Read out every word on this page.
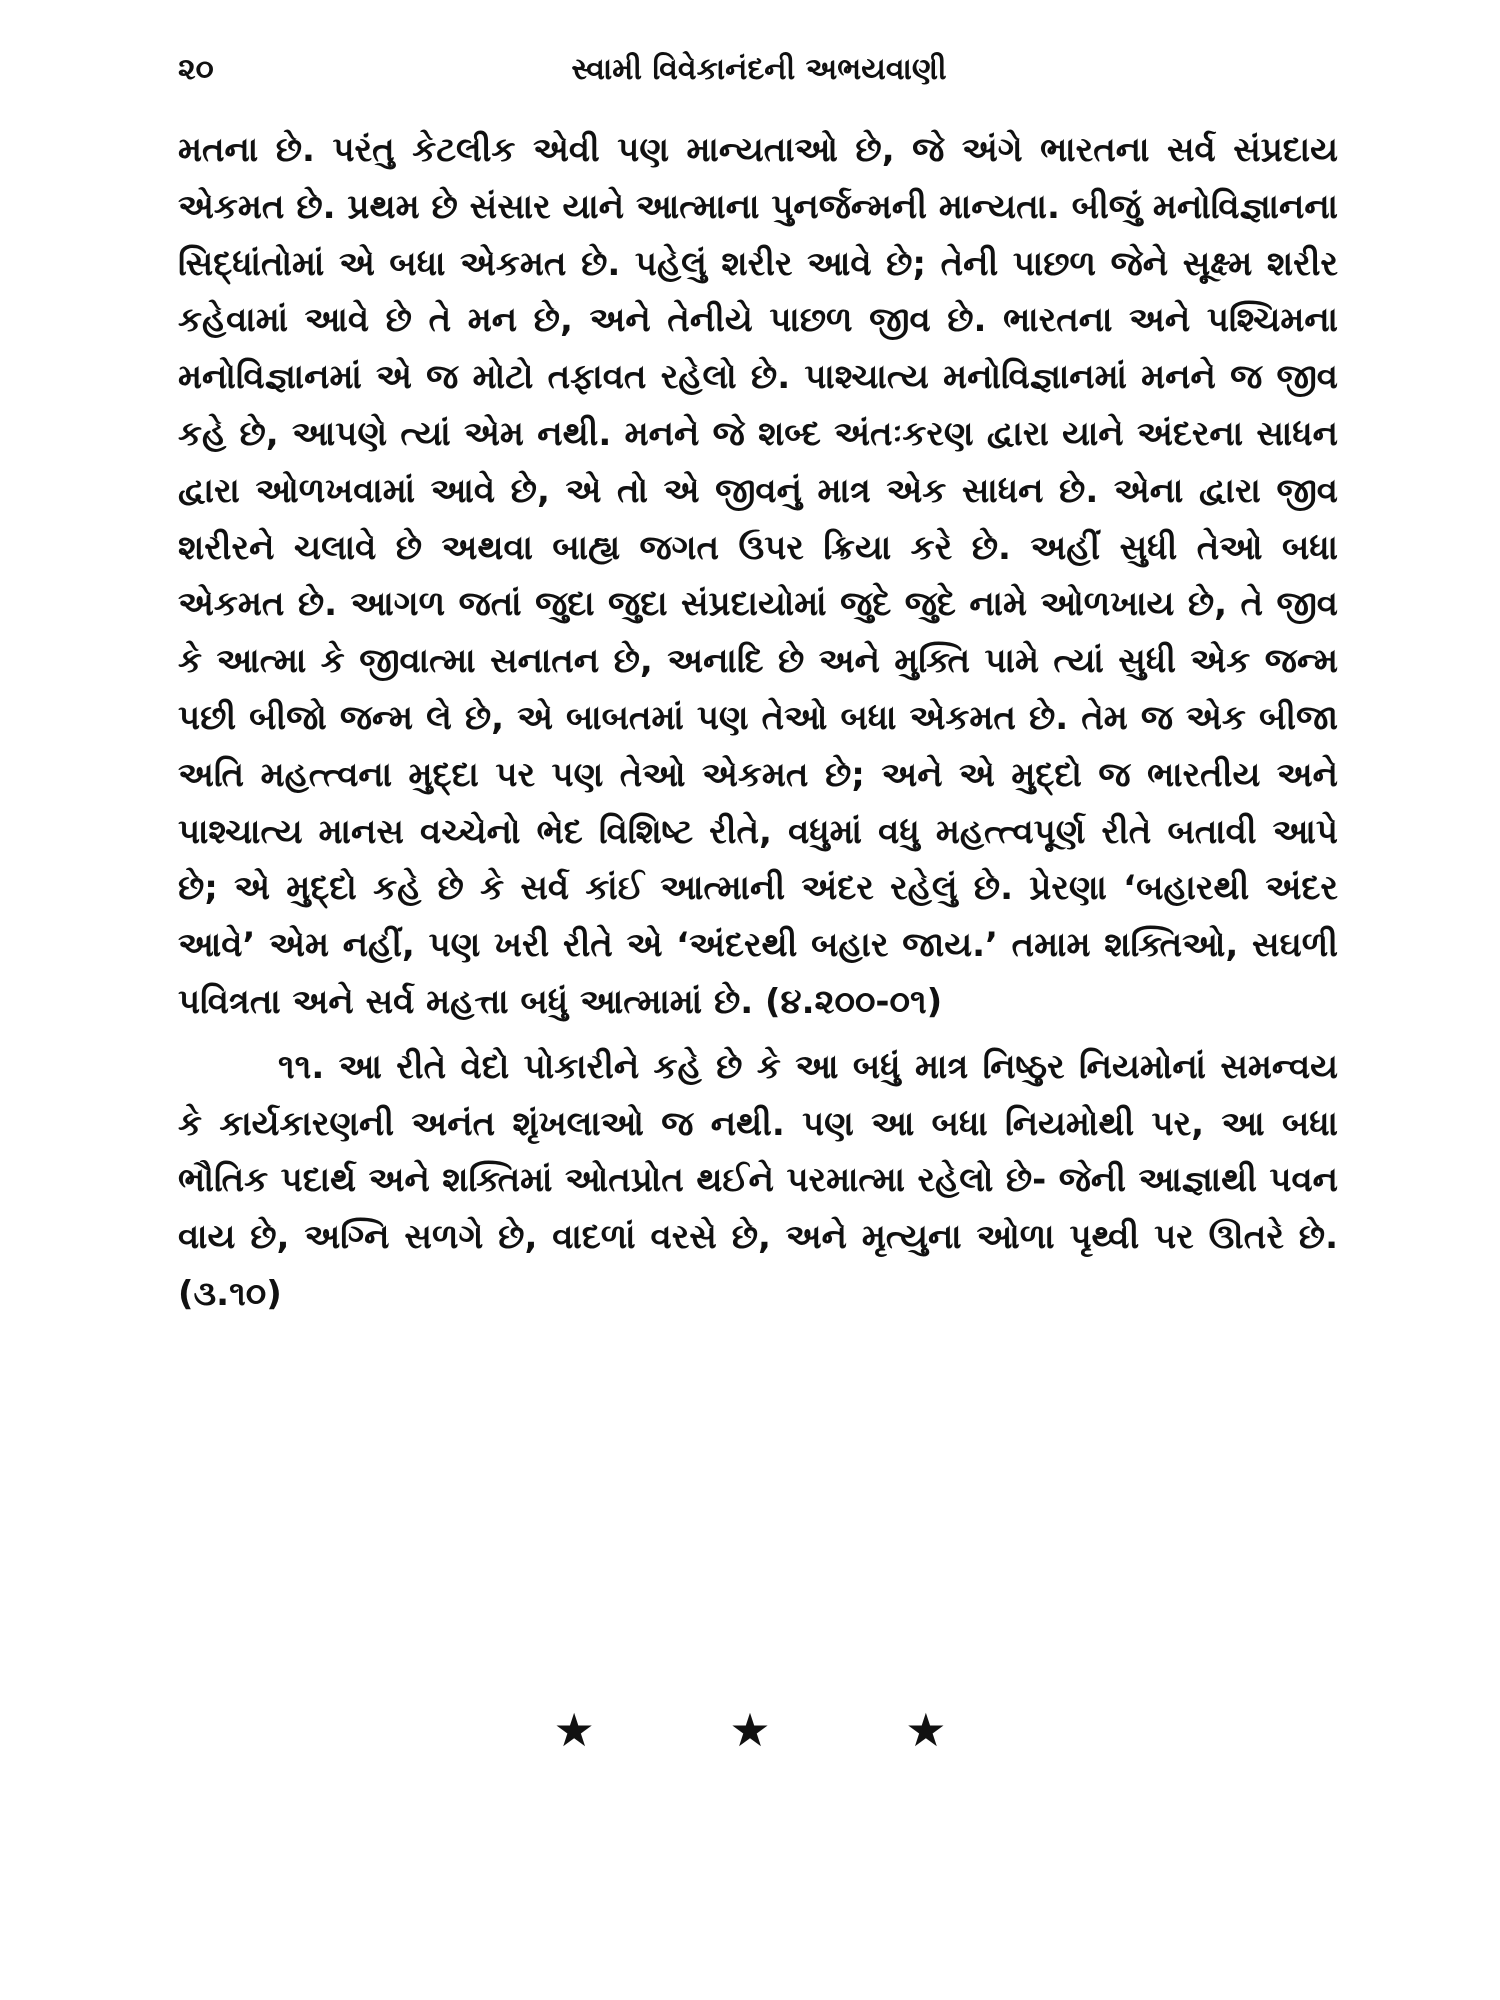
૨૦	સ્વામી વિવેકાનંદની અભયવાણી

મતના છે. પરંતુ કેટલીક એવી પણ માન્યતાઓ છે, જે અંગે ભારતના સર્વ સંપ્રદાય એકમત છે. પ્રથમ છે સંસાર યાને આત્માના પુનર્જન્મની માન્યતા. બીજું મનોવિજ્ઞાનના સિદ્ધાંતોમાં એ બધા એકમત છે. પહેલું શરીર આવે છે; તેની પાછળ જેને સૂક્ષ્મ શરીર કહેવામાં આવે છે તે મન છે, અને તેનીયે પાછળ જીવ છે. ભારતના અને પશ્ચિમના મનોવિજ્ઞાનમાં એ જ મોટો તફાવત રહેલો છે. પાશ્ચાત્ય મનોવિજ્ઞાનમાં મનને જ જીવ કહે છે, આપણે ત્યાં એમ નથી. મનને જે શબ્દ અંતઃકરણ દ્વારા યાને અંદરના સાધન દ્વારા ઓળખવામાં આવે છે, એ તો એ જીવનું માત્ર એક સાધન છે. એના દ્વારા જીવ શરીરને ચલાવે છે અથવા બાહ્ય જગત ઉપર ક્રિયા કરે છે. અહીં સુધી તેઓ બધા એકમત છે. આગળ જતાં જુદા જુદા સંપ્રદાયોમાં જુદે જુદે નામે ઓળખાય છે, તે જીવ કે આત્મા કે જીવાત્મા સનાતન છે, અનાદિ છે અને મુક્તિ પામે ત્યાં સુધી એક જન્મ પછી બીજો જન્મ લે છે, એ બાબતમાં પણ તેઓ બધા એકમત છે. તેમ જ એક બીજા અતિ મહત્ત્વના મુદ્દા પર પણ તેઓ એકમત છે; અને એ મુદ્દો જ ભારતીય અને પાશ્ચાત્ય માનસ વચ્ચેનો ભેદ વિશિષ્ટ રીતે, વધુમાં વધુ મહત્ત્વપૂર્ણ રીતે બતાવી આપે છે; એ મુદ્દો કહે છે કે સર્વ કાંઈ આત્માની અંદર રહેલું છે. પ્રેરણા ‘બહારથી અંદર આવે’ એમ નહીં, પણ ખરી રીતે એ ‘અંદરથી બહાર જાય.’ તમામ શક્તિઓ, સઘળી પવિત્રતા અને સર્વ મહત્તા બધું આત્મામાં છે. (૪.૨૦૦-૦૧)

૧૧. આ રીતે વેદો પોકારીને કહે છે કે આ બધું માત્ર નિષ્ઠુર નિયમોનાં સમન્વય કે કાર્યકારણની અનંત શૃંખલાઓ જ નથી. પણ આ બધા નિયમોથી પર, આ બધા ભૌતિક પદાર્થ અને શક્તિમાં ઓતપ્રોત થઈને પરમાત્મા રહેલો છે- જેની આજ્ઞાથી પવન વાય છે, અગ્નિ સળગે છે, વાદળાં વરસે છે, અને મૃત્યુના ઓળા પૃથ્વી પર ઊતરે છે. (૩.૧૦)

★ ★ ★
